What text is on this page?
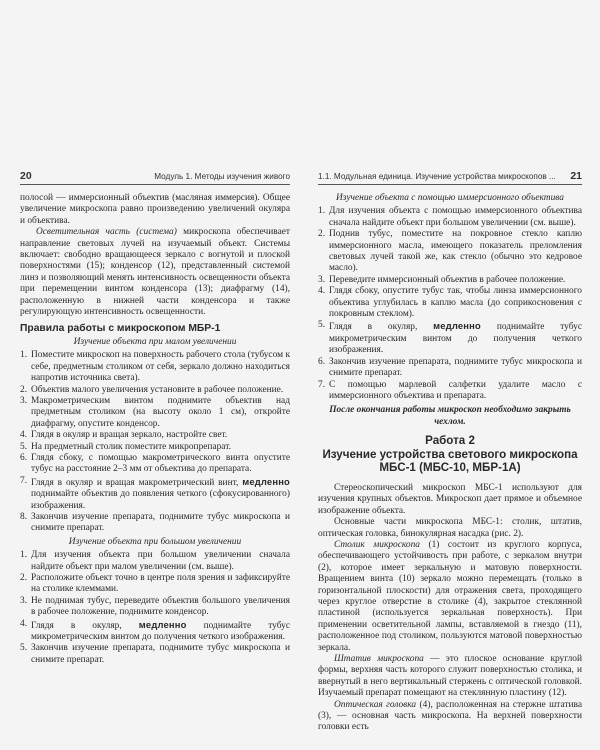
20	Модуль 1. Методы изучения живого

полосой — иммерсионный объектив (масляная иммерсия). Общее увеличение микроскопа равно произведению увеличений окуляра и объектива.

Осветительная часть (система) микроскопа обеспечивает направление световых лучей на изучаемый объект. Системы включает: свободно вращающееся зеркало с вогнутой и плоской поверхностями (15); конденсор (12), представленный системой линз и позволяющий менять интенсивность освещенности объекта при перемещении винтом конденсора (13); диафрагму (14), расположенную в нижней части конденсора и также регулирующую интенсивность освещенности.

Правила работы с микроскопом МБР-1
Изучение объекта при малом увеличении
1. Поместите микроскоп на поверхность рабочего стола (тубусом к себе, предметным столиком от себя, зеркало должно находиться напротив источника света).
2. Объектив малого увеличения установите в рабочее положение.
3. Макрометрическим винтом поднимите объектив над предметным столиком (на высоту около 1 см), откройте диафрагму, опустите конденсор.
4. Глядя в окуляр и вращая зеркало, настройте свет.
5. На предметный столик поместите микропрепарат.
6. Глядя сбоку, с помощью макрометрического винта опустите тубус на расстояние 2–3 мм от объектива до препарата.
7. Глядя в окуляр и вращая макрометрический винт, медленно поднимайте объектив до появления четкого (сфокусированного) изображения.
8. Закончив изучение препарата, поднимите тубус микроскопа и снимите препарат.
Изучение объекта при большом увеличении
1. Для изучения объекта при большом увеличении сначала найдите объект при малом увеличении (см. выше).
2. Расположите объект точно в центре поля зрения и зафиксируйте на столике клеммами.
3. Не поднимая тубус, переведите объектив большого увеличения в рабочее положение, поднимите конденсор.
4. Глядя в окуляр, медленно поднимайте тубус микрометрическим винтом до получения четкого изображения.
5. Закончив изучение препарата, поднимите тубус микроскопа и снимите препарат.
1.1. Модульная единица. Изучение устройства микроскопов ... 21
Изучение объекта с помощью иммерсионного объектива
1. Для изучения объекта с помощью иммерсионного объектива сначала найдите объект при большом увеличении (см. выше).
2. Поднив тубус, поместите на покровное стекло каплю иммерсионного масла, имеющего показатель преломления световых лучей такой же, как стекло (обычно это кедровое масло).
3. Переведите иммерсионный объектив в рабочее положение.
4. Глядя сбоку, опустите тубус так, чтобы линза иммерсионного объектива углубилась в каплю масла (до соприкосновения с покровным стеклом).
5. Глядя в окуляр, медленно поднимайте тубус микрометрическим винтом до получения четкого изображения.
6. Закончив изучение препарата, поднимите тубус микроскопа и снимите препарат.
7. С помощью марлевой салфетки удалите масло с иммерсионного объектива и препарата.
После окончания работы микроскоп необходимо закрыть чехлом.
Работа 2
Изучение устройства светового микроскопа
МБС-1 (МБС-10, МБР-1А)

Стереоскопический микроскоп МБС-1 используют для изучения крупных объектов. Микроскоп дает прямое и объемное изображение объекта.

Основные части микроскопа МБС-1: столик, штатив, оптическая головка, бинокулярная насадка (рис. 2).

Столик микроскопа (1) состоит из круглого корпуса, обеспечивающего устойчивость при работе, с зеркалом внутри (2), которое имеет зеркальную и матовую поверхности. Вращением винта (10) зеркало можно перемещать (только в горизонтальной плоскости) для отражения света, проходящего через круглое отверстие в столике (4), закрытое стеклянной пластиной (используется зеркальная поверхность). При применении осветительной лампы, вставляемой в гнездо (11), расположенное под столиком, пользуются матовой поверхностью зеркала.

Штатив микроскопа — это плоское основание круглой формы, верхняя часть которого служит поверхностью столика, и ввернутый в него вертикальный стержень с оптической головкой. Изучаемый препарат помещают на стеклянную пластину (12).

Оптическая головка (4), расположенная на стержне штатива (3), — основная часть микроскопа. На верхней поверхности головки есть
